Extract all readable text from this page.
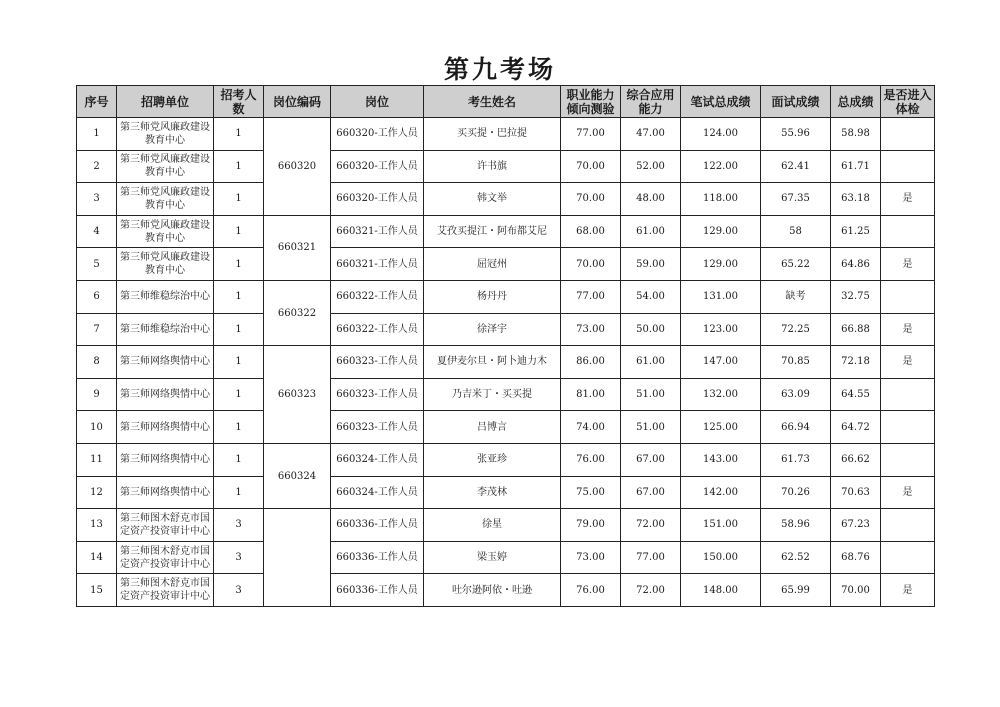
第九考场
序号	招聘单位	招考人数	岗位编码	岗位	考生姓名	职业能力倾向测验	综合应用能力	笔试总成绩	面试成绩	总成绩	是否进入体检
1	第三师党风廉政建设教育中心	1	660320	660320-工作人员	买买提・巴拉提	77.00	47.00	124.00	55.96	58.98	
2	第三师党风廉政建设教育中心	1		660320-工作人员	许书旗	70.00	52.00	122.00	62.41	61.71	
3	第三师党风廉政建设教育中心	1		660320-工作人员	韩文举	70.00	48.00	118.00	67.35	63.18	是
4	第三师党风廉政建设教育中心	1	660321	660321-工作人员	艾孜买提江・阿布都艾尼	68.00	61.00	129.00	58	61.25	
5	第三师党风廉政建设教育中心	1		660321-工作人员	屈冠州	70.00	59.00	129.00	65.22	64.86	是
6	第三师维稳综治中心	1	660322	660322-工作人员	杨丹丹	77.00	54.00	131.00	缺考	32.75	
7	第三师维稳综治中心	1		660322-工作人员	徐泽宇	73.00	50.00	123.00	72.25	66.88	是
8	第三师网络舆情中心	1	660323	660323-工作人员	夏伊麦尔旦・阿卜迪力木	86.00	61.00	147.00	70.85	72.18	是
9	第三师网络舆情中心	1		660323-工作人员	乃吉米丁・买买提	81.00	51.00	132.00	63.09	64.55	
10	第三师网络舆情中心	1		660323-工作人员	吕博言	74.00	51.00	125.00	66.94	64.72	
11	第三师网络舆情中心	1	660324	660324-工作人员	张亚珍	76.00	67.00	143.00	61.73	66.62	
12	第三师网络舆情中心	1		660324-工作人员	李茂林	75.00	67.00	142.00	70.26	70.63	是
13	第三师图木舒克市国定资产投资审计中心	3		660336-工作人员	徐星	79.00	72.00	151.00	58.96	67.23	
14	第三师图木舒克市国定资产投资审计中心	3		660336-工作人员	梁玉婷	73.00	77.00	150.00	62.52	68.76	
15	第三师图木舒克市国定资产投资审计中心	3		660336-工作人员	吐尔逊阿依・吐逊	76.00	72.00	148.00	65.99	70.00	是
